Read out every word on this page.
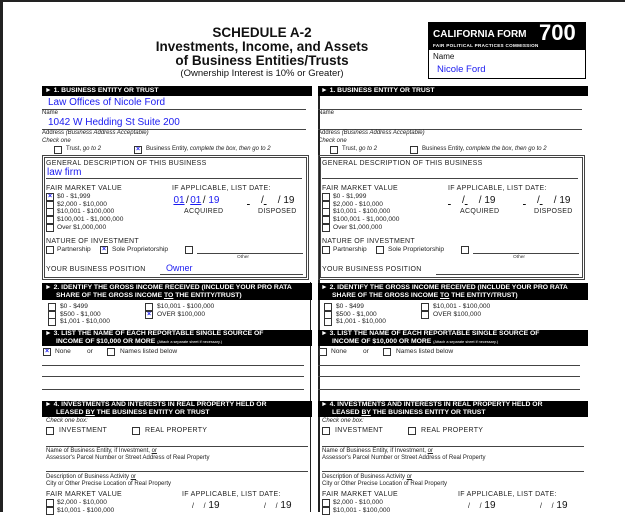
SCHEDULE A-2
Investments, Income, and Assets
of Business Entities/Trusts
(Ownership Interest is 10% or Greater)
CALIFORNIA FORM 700
FAIR POLITICAL PRACTICES COMMISSION
Name
Nicole Ford
► 1. BUSINESS ENTITY OR TRUST
Law Offices of Nicole Ford
Name
1042 W Hedding St Suite 200
Address (Business Address Acceptable)
Check one
Trust, go to 2	× Business Entity, complete the box, then go to 2
GENERAL DESCRIPTION OF THIS BUSINESS
law firm
FAIR MARKET VALUE
× $0 - $1,999
$2,000 - $10,000
$10,001 - $100,000
$100,001 - $1,000,000
Over $1,000,000
IF APPLICABLE, LIST DATE:
01/01/ 19	/ / 19
ACQUIRED	DISPOSED
NATURE OF INVESTMENT
Partnership × Sole Proprietorship
Other
YOUR BUSINESS POSITION Owner
► 2. IDENTIFY THE GROSS INCOME RECEIVED (INCLUDE YOUR PRO RATA
SHARE OF THE GROSS INCOME TO THE ENTITY/TRUST)
$0 - $499
$500 - $1,000
$1,001 - $10,000
$10,001 - $100,000
× OVER $100,000
► 3. LIST THE NAME OF EACH REPORTABLE SINGLE SOURCE OF
INCOME OF $10,000 OR MORE (Attach a separate sheet if necessary.)
× None or	Names listed below
► 4. INVESTMENTS AND INTERESTS IN REAL PROPERTY HELD OR
LEASED BY THE BUSINESS ENTITY OR TRUST
Check one box:
INVESTMENT	REAL PROPERTY
Name of Business Entity, if Investment, or
Assessor's Parcel Number or Street Address of Real Property
Description of Business Activity or
City or Other Precise Location of Real Property
FAIR MARKET VALUE	IF APPLICABLE, LIST DATE:
$2,000 - $10,000
$10,001 - $100,000	/     / 19	/     / 19
► 1. BUSINESS ENTITY OR TRUST
Name
Address (Business Address Acceptable)
Check one
Trust, go to 2	Business Entity, complete the box, then go to 2
GENERAL DESCRIPTION OF THIS BUSINESS
FAIR MARKET VALUE
$0 - $1,999
$2,000 - $10,000
$10,001 - $100,000
$100,001 - $1,000,000
Over $1,000,000
IF APPLICABLE, LIST DATE:
/ / 19	/ / 19
ACQUIRED	DISPOSED
NATURE OF INVESTMENT
Partnership	Sole Proprietorship
Other
YOUR BUSINESS POSITION
► 2. IDENTIFY THE GROSS INCOME RECEIVED (INCLUDE YOUR PRO RATA
SHARE OF THE GROSS INCOME TO THE ENTITY/TRUST)
$0 - $499
$500 - $1,000
$1,001 - $10,000
$10,001 - $100,000
OVER $100,000
► 3. LIST THE NAME OF EACH REPORTABLE SINGLE SOURCE OF
INCOME OF $10,000 OR MORE (Attach a separate sheet if necessary.)
None or	Names listed below
► 4. INVESTMENTS AND INTERESTS IN REAL PROPERTY HELD OR
LEASED BY THE BUSINESS ENTITY OR TRUST
Check one box:
INVESTMENT	REAL PROPERTY
Name of Business Entity, if Investment, or
Assessor's Parcel Number or Street Address of Real Property
Description of Business Activity or
City or Other Precise Location of Real Property
FAIR MARKET VALUE	IF APPLICABLE, LIST DATE:
$2,000 - $10,000
$10,001 - $100,000	/     / 19	/     / 19
